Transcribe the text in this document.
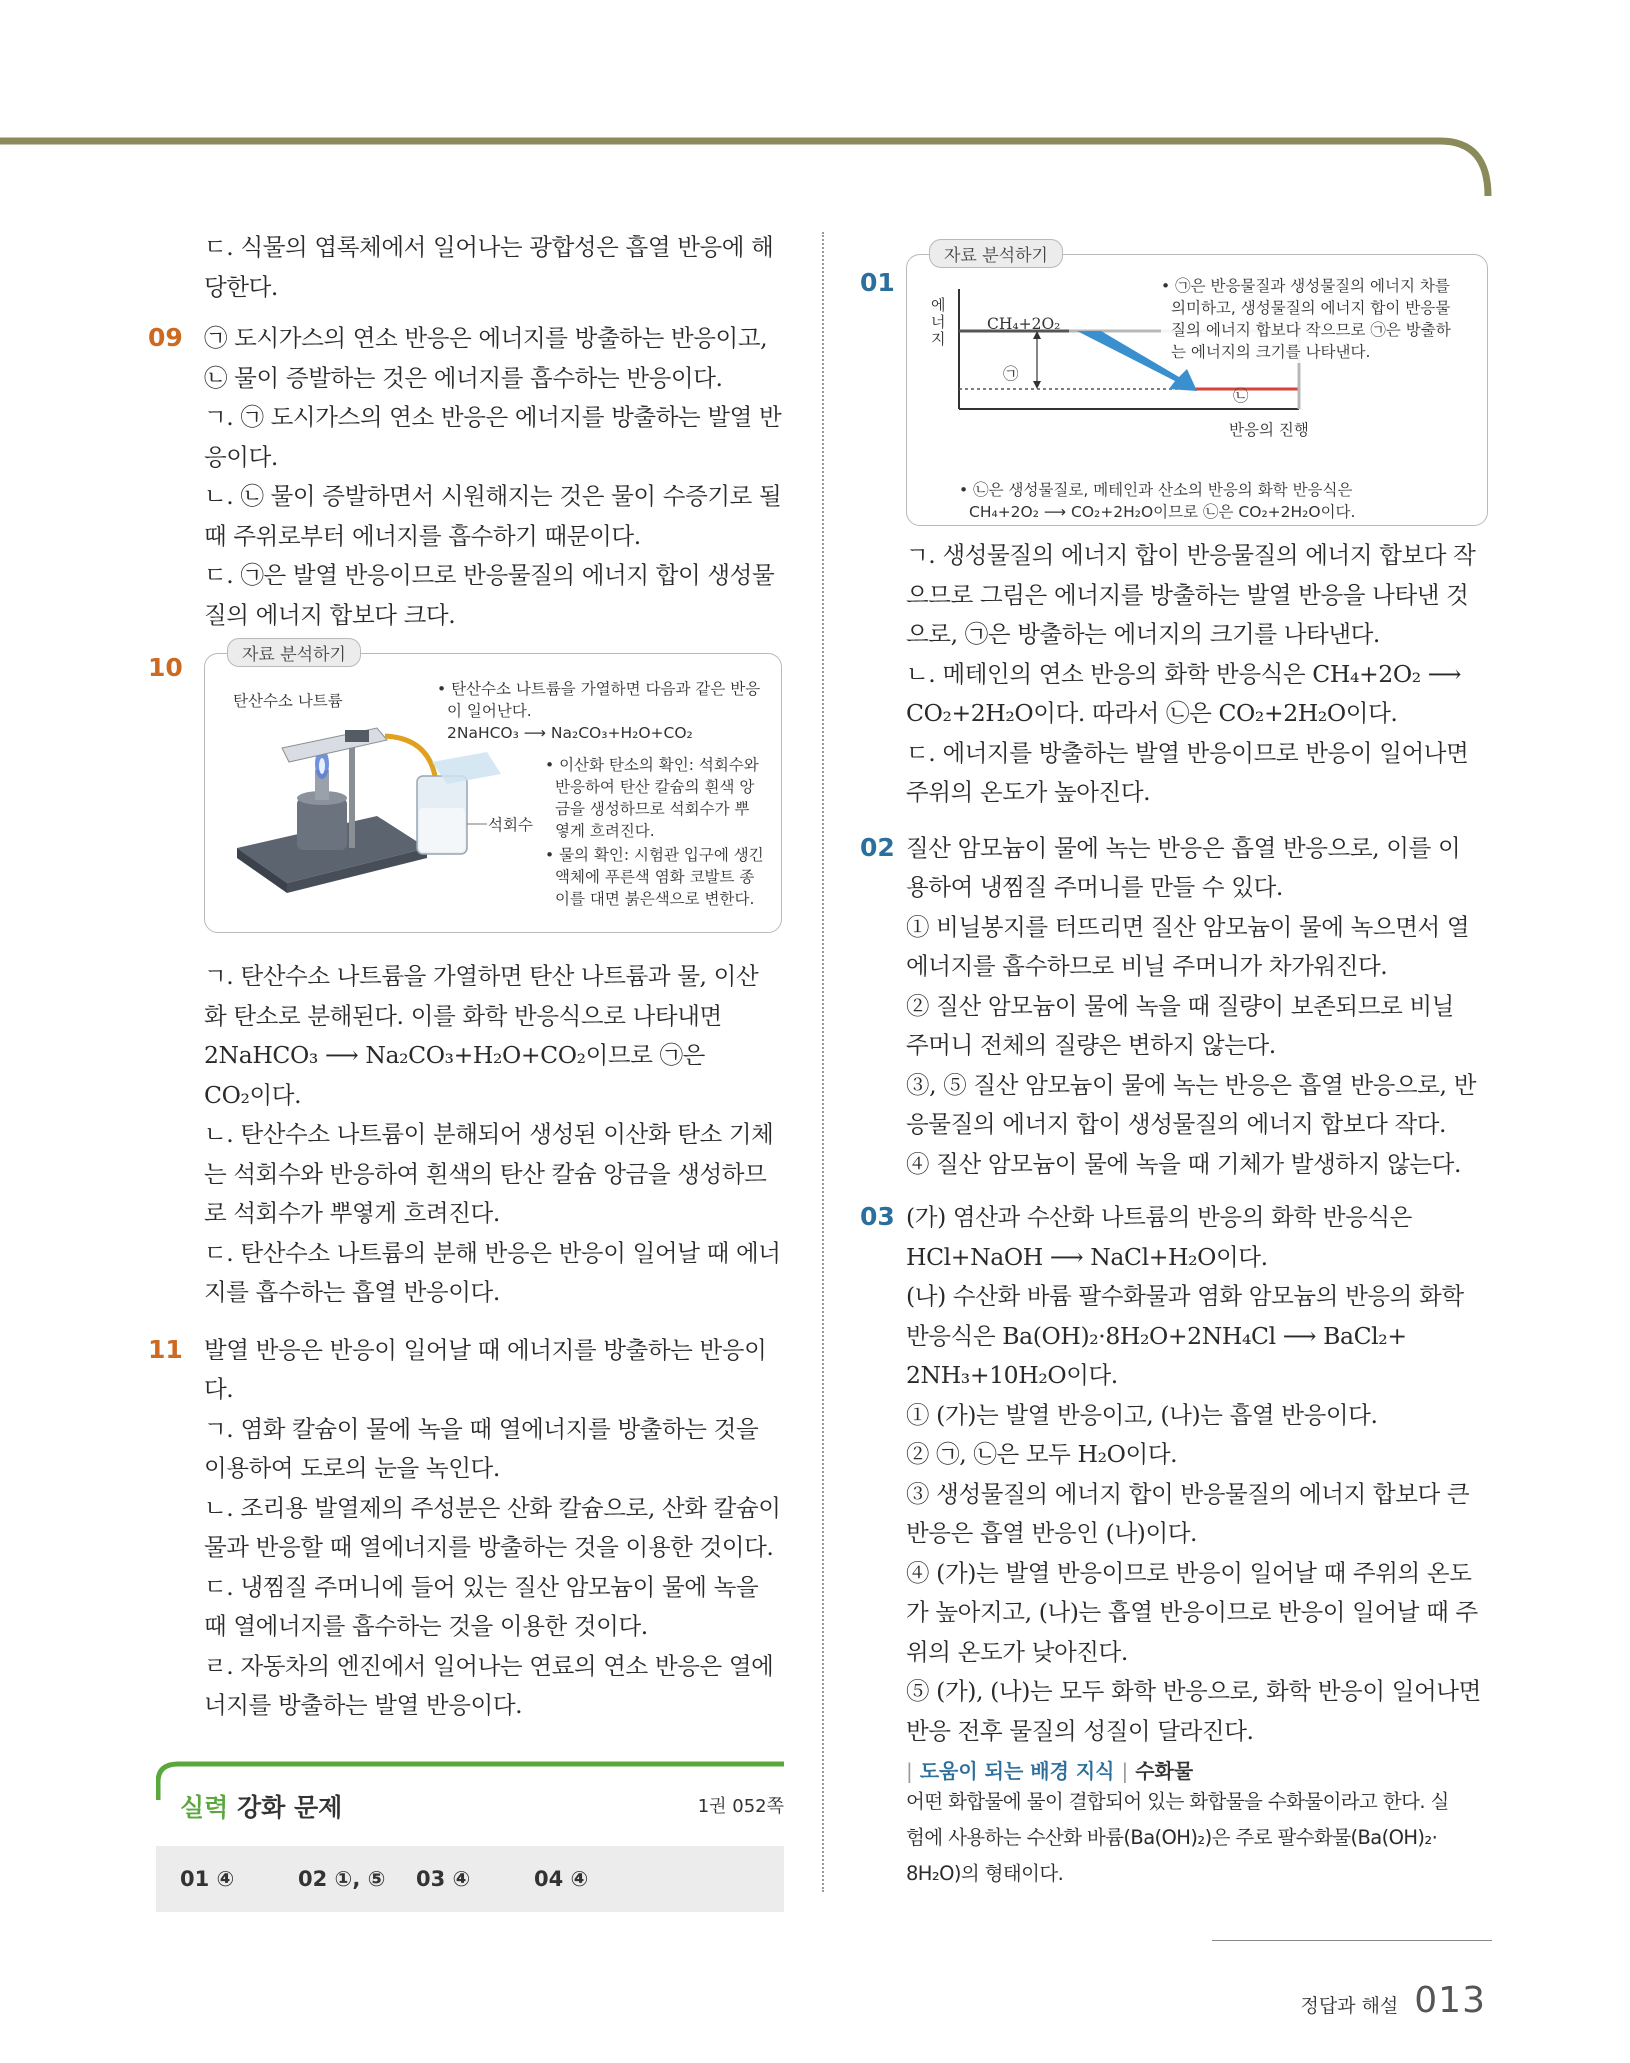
ㄷ. 식물의 엽록체에서 일어나는 광합성은 흡열 반응에 해

당한다.

09 ㉠ 도시가스의 연소 반응은 에너지를 방출하는 반응이고,

㉡ 물이 증발하는 것은 에너지를 흡수하는 반응이다.

ㄱ. ㉠ 도시가스의 연소 반응은 에너지를 방출하는 발열 반

응이다.

ㄴ. ㉡ 물이 증발하면서 시원해지는 것은 물이 수증기로 될

때 주위로부터 에너지를 흡수하기 때문이다.

ㄷ. ㉠은 발열 반응이므로 반응물질의 에너지 합이 생성물

질의 에너지 합보다 크다.

10	자료 분석하기
탄산수소 나트륨
석회수
• 탄산수소 나트륨을 가열하면 다음과 같은 반응
이 일어난다.
2NaHCO₃ ⟶ Na₂CO₃+H₂O+CO₂
• 이산화 탄소의 확인: 석회수와
반응하여 탄산 칼슘의 흰색 앙
금을 생성하므로 석회수가 뿌
옇게 흐려진다.
• 물의 확인: 시험관 입구에 생긴
액체에 푸른색 염화 코발트 종
이를 대면 붉은색으로 변한다.

ㄱ. 탄산수소 나트륨을 가열하면 탄산 나트륨과 물, 이산

화 탄소로 분해된다. 이를 화학 반응식으로 나타내면

2NaHCO₃ ⟶ Na₂CO₃+H₂O+CO₂이므로 ㉠은

CO₂이다.

ㄴ. 탄산수소 나트륨이 분해되어 생성된 이산화 탄소 기체

는 석회수와 반응하여 흰색의 탄산 칼슘 앙금을 생성하므

로 석회수가 뿌옇게 흐려진다.

ㄷ. 탄산수소 나트륨의 분해 반응은 반응이 일어날 때 에너

지를 흡수하는 흡열 반응이다.

11 발열 반응은 반응이 일어날 때 에너지를 방출하는 반응이다.

ㄱ. 염화 칼슘이 물에 녹을 때 열에너지를 방출하는 것을

이용하여 도로의 눈을 녹인다.

ㄴ. 조리용 발열제의 주성분은 산화 칼슘으로, 산화 칼슘이

물과 반응할 때 열에너지를 방출하는 것을 이용한 것이다.

ㄷ. 냉찜질 주머니에 들어 있는 질산 암모늄이 물에 녹을

때 열에너지를 흡수하는 것을 이용한 것이다.

ㄹ. 자동차의 엔진에서 일어나는 연료의 연소 반응은 열에

너지를 방출하는 발열 반응이다.

실력 강화 문제	1권 052쪽
01 ④	02 ①, ⑤	03 ④	04 ④
01
자료 분석하기
에너지
CH₄+2O₂
㉠
㉡
반응의 진행
• ㉠은 반응물질과 생성물질의 에너지 차를
의미하고, 생성물질의 에너지 합이 반응물
질의 에너지 합보다 작으므로 ㉠은 방출하
는 에너지의 크기를 나타낸다.
• ㉡은 생성물질로, 메테인과 산소의 반응의 화학 반응식은
CH₄+2O₂ ⟶ CO₂+2H₂O이므로 ㉡은 CO₂+2H₂O이다.

ㄱ. 생성물질의 에너지 합이 반응물질의 에너지 합보다 작

으므로 그림은 에너지를 방출하는 발열 반응을 나타낸 것

으로, ㉠은 방출하는 에너지의 크기를 나타낸다.

ㄴ. 메테인의 연소 반응의 화학 반응식은 CH₄+2O₂ ⟶

CO₂+2H₂O이다. 따라서 ㉡은 CO₂+2H₂O이다.

ㄷ. 에너지를 방출하는 발열 반응이므로 반응이 일어나면

주위의 온도가 높아진다.

02 질산 암모늄이 물에 녹는 반응은 흡열 반응으로, 이를 이

용하여 냉찜질 주머니를 만들 수 있다.

① 비닐봉지를 터뜨리면 질산 암모늄이 물에 녹으면서 열

에너지를 흡수하므로 비닐 주머니가 차가워진다.

② 질산 암모늄이 물에 녹을 때 질량이 보존되므로 비닐

주머니 전체의 질량은 변하지 않는다.

③, ⑤ 질산 암모늄이 물에 녹는 반응은 흡열 반응으로, 반

응물질의 에너지 합이 생성물질의 에너지 합보다 작다.

④ 질산 암모늄이 물에 녹을 때 기체가 발생하지 않는다.

03 (가) 염산과 수산화 나트륨의 반응의 화학 반응식은

HCl+NaOH ⟶ NaCl+H₂O이다.

(나) 수산화 바륨 팔수화물과 염화 암모늄의 반응의 화학

반응식은 Ba(OH)₂·8H₂O+2NH₄Cl ⟶ BaCl₂+

2NH₃+10H₂O이다.

① (가)는 발열 반응이고, (나)는 흡열 반응이다.

② ㉠, ㉡은 모두 H₂O이다.

③ 생성물질의 에너지 합이 반응물질의 에너지 합보다 큰

반응은 흡열 반응인 (나)이다.

④ (가)는 발열 반응이므로 반응이 일어날 때 주위의 온도

가 높아지고, (나)는 흡열 반응이므로 반응이 일어날 때 주

위의 온도가 낮아진다.

⑤ (가), (나)는 모두 화학 반응으로, 화학 반응이 일어나면

반응 전후 물질의 성질이 달라진다.

| 도움이 되는 배경 지식 | 수화물
어떤 화합물에 물이 결합되어 있는 화합물을 수화물이라고 한다. 실
험에 사용하는 수산화 바륨(Ba(OH)₂)은 주로 팔수화물(Ba(OH)₂·
8H₂O)의 형태이다.
정답과 해설 013
